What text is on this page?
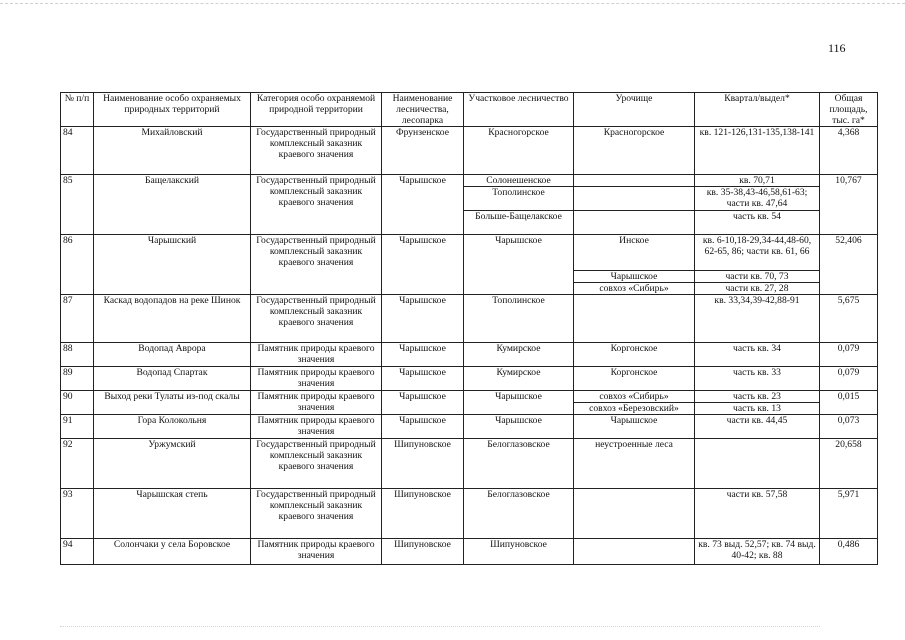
116
№ п/п	Наименование особо охраняемых природных территорий	Категория особо охраняемой природной территории	Наименование лесничества, лесопарка	Участковое лесничество	Урочище	Квартал/выдел*	Общая площадь, тыс. га*
84	Михайловский	Государственный природный комплексный заказник краевого значения	Фрунзенское	Красногорское	Красногорское	кв. 121-126,131-135,138-141	4,368
85	Бащелакский	Государственный природный комплексный заказник краевого значения	Чарышское	Солонешенское		кв. 70,71	10,767
				Тополинское		кв. 35-38,43-46,58,61-63; части кв. 47,64	
				Больше-Бащелакское		часть кв. 54	
86	Чарышский	Государственный природный комплексный заказник краевого значения	Чарышское	Чарышское	Инское	кв. 6-10,18-29,34-44,48-60, 62-65, 86; части кв. 61, 66	52,406
					Чарышское	части кв. 70, 73	
					совхоз «Сибирь»	части кв. 27, 28	
87	Каскад водопадов на реке Шинок	Государственный природный комплексный заказник краевого значения	Чарышское	Тополинское		кв. 33,34,39-42,88-91	5,675
88	Водопад Аврора	Памятник природы краевого значения	Чарышское	Кумирское	Коргонское	часть кв. 34	0,079
89	Водопад Спартак	Памятник природы краевого значения	Чарышское	Кумирское	Коргонское	часть кв. 33	0,079
90	Выход реки Тулаты из-под скалы	Памятник природы краевого значения	Чарышское	Чарышское	совхоз «Сибирь»	часть кв. 23	0,015
					совхоз «Березовский»	часть кв. 13	
91	Гора Колокольня	Памятник природы краевого значения	Чарышское	Чарышское	Чарышское	части кв. 44,45	0,073
92	Уржумский	Государственный природный комплексный заказник краевого значения	Шипуновское	Белоглазовское	неустроенные леса		20,658
93	Чарышская степь	Государственный природный комплексный заказник краевого значения	Шипуновское	Белоглазовское		части кв. 57,58	5,971
94	Солончаки у села Боровское	Памятник природы краевого значения	Шипуновское	Шипуновское		кв. 73 выд. 52,57; кв. 74 выд. 40-42; кв. 88	0,486
